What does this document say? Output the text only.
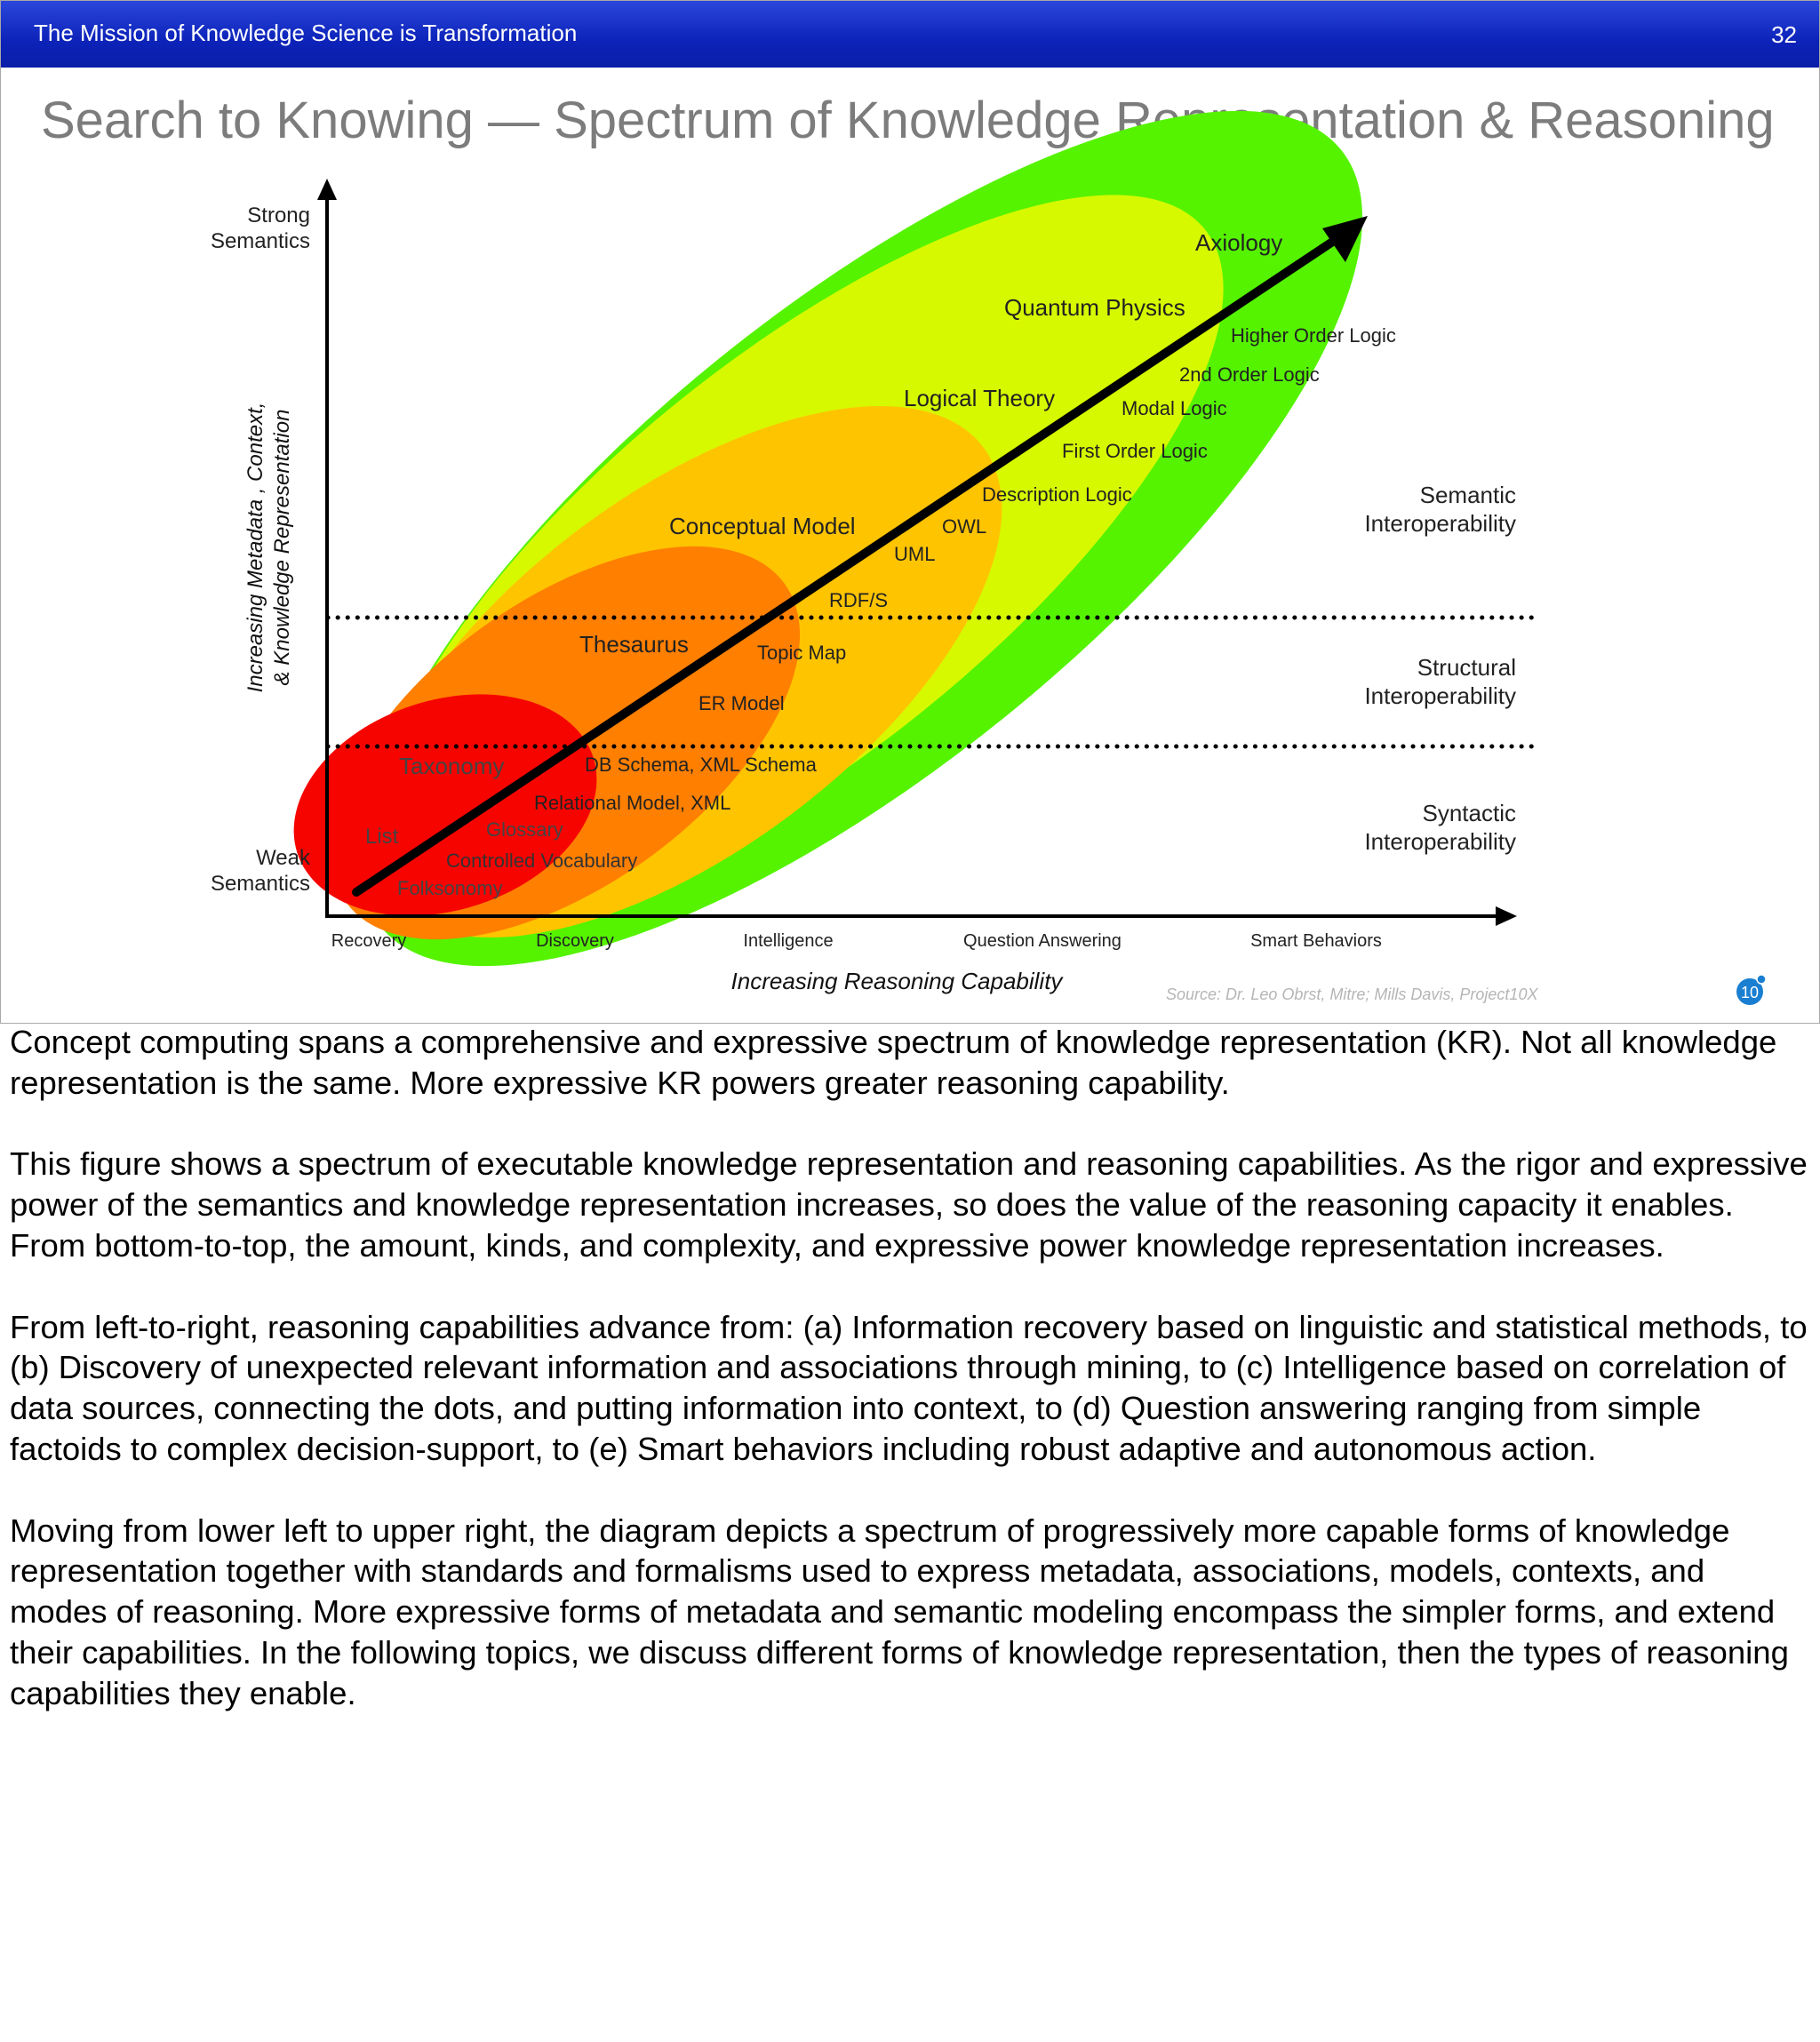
The Mission of Knowledge Science is Transformation	32
Search to Knowing — Spectrum of Knowledge Representation & Reasoning
Increasing Metadata , Context, & Knowledge Representation
Strong
Semantics
Weak
Semantics
Recovery	Discovery	Intelligence	Question Answering	Smart Behaviors
Increasing Reasoning Capability
Semantic
Interoperability
Structural
Interoperability
Syntactic
Interoperability
Axiology
Quantum Physics
Logical Theory
Conceptual Model
Thesaurus
Taxonomy
List
Higher Order Logic
2nd Order Logic
Modal Logic
First Order Logic
Description Logic
OWL
UML
RDF/S
Topic Map
ER Model
DB Schema, XML Schema
Relational Model, XML
Glossary
Controlled Vocabulary
Folksonomy
Source: Dr. Leo Obrst, Mitre; Mills Davis, Project10X	10

Concept computing spans a comprehensive and expressive spectrum of knowledge representation (KR). Not all knowledge representation is the same. More expressive KR powers greater reasoning capability.

This figure shows a spectrum of executable knowledge representation and reasoning capabilities. As the rigor and expressive power of the semantics and knowledge representation increases, so does the value of the reasoning capacity it enables. From bottom-to-top, the amount, kinds, and complexity, and expressive power knowledge representation increases.

From left-to-right, reasoning capabilities advance from: (a) Information recovery based on linguistic and statistical methods, to (b) Discovery of unexpected relevant information and associations through mining, to (c) Intelligence based on correlation of data sources, connecting the dots, and putting information into context, to (d) Question answering ranging from simple factoids to complex decision-support, to (e) Smart behaviors including robust adaptive and autonomous action.

Moving from lower left to upper right, the diagram depicts a spectrum of progressively more capable forms of knowledge representation together with standards and formalisms used to express metadata, associations, models, contexts, and modes of reasoning. More expressive forms of metadata and semantic modeling encompass the simpler forms, and extend their capabilities. In the following topics, we discuss different forms of knowledge representation, then the types of reasoning capabilities they enable.
